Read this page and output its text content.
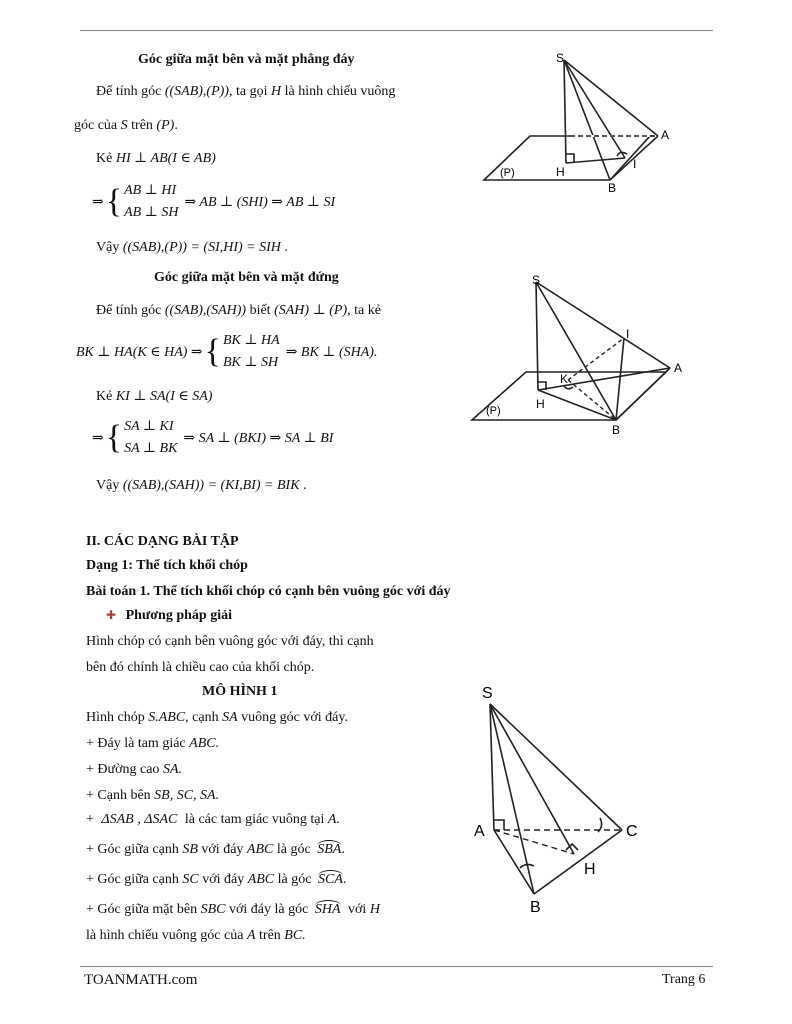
Góc giữa mặt bên và mặt phẳng đáy
Để tính góc ((SAB),(P)), ta gọi H là hình chiếu vuông
góc của S trên (P).
Kẻ HI ⊥ AB(I ∈ AB)
⇒ { AB ⊥ HI
AB ⊥ SH
⇒ AB ⊥ (SHI) ⇒ AB ⊥ SI
Vậy ((SAB),(P)) = (SI,HI) = SIH .
S
A
H
I
B
(P)
Góc giữa mặt bên và mặt đứng
Để tính góc ((SAB),(SAH)) biết (SAH) ⊥ (P), ta kẻ
BK ⊥ HA(K ∈ HA) ⇒ { BK ⊥ HA
BK ⊥ SH
⇒ BK ⊥ (SHA).
Kẻ KI ⊥ SA(I ∈ SA)
⇒ { SA ⊥ KI
SA ⊥ BK
⇒ SA ⊥ (BKI) ⇒ SA ⊥ BI
Vậy ((SAB),(SAH)) = (KI,BI) = BIK .
S
I
A
K
H
B
(P)
II. CÁC DẠNG BÀI TẬP
Dạng 1: Thể tích khối chóp
Bài toán 1. Thể tích khối chóp có cạnh bên vuông góc với đáy
✚ Phương pháp giải
Hình chóp có cạnh bên vuông góc với đáy, thì cạnh
bên đó chính là chiều cao của khối chóp.
MÔ HÌNH 1
Hình chóp S.ABC, cạnh SA vuông góc với đáy.
+ Đáy là tam giác ABC.
+ Đường cao SA.
+ Cạnh bên SB, SC, SA.
+ ΔSAB , ΔSAC là các tam giác vuông tại A.
+ Góc giữa cạnh SB với đáy ABC là góc SBA.
+ Góc giữa cạnh SC với đáy ABC là góc SCA.
+ Góc giữa mặt bên SBC với đáy là góc SHA với H
là hình chiếu vuông góc của A trên BC.
S
A	C
H
B
TOANMATH.com	Trang 6
